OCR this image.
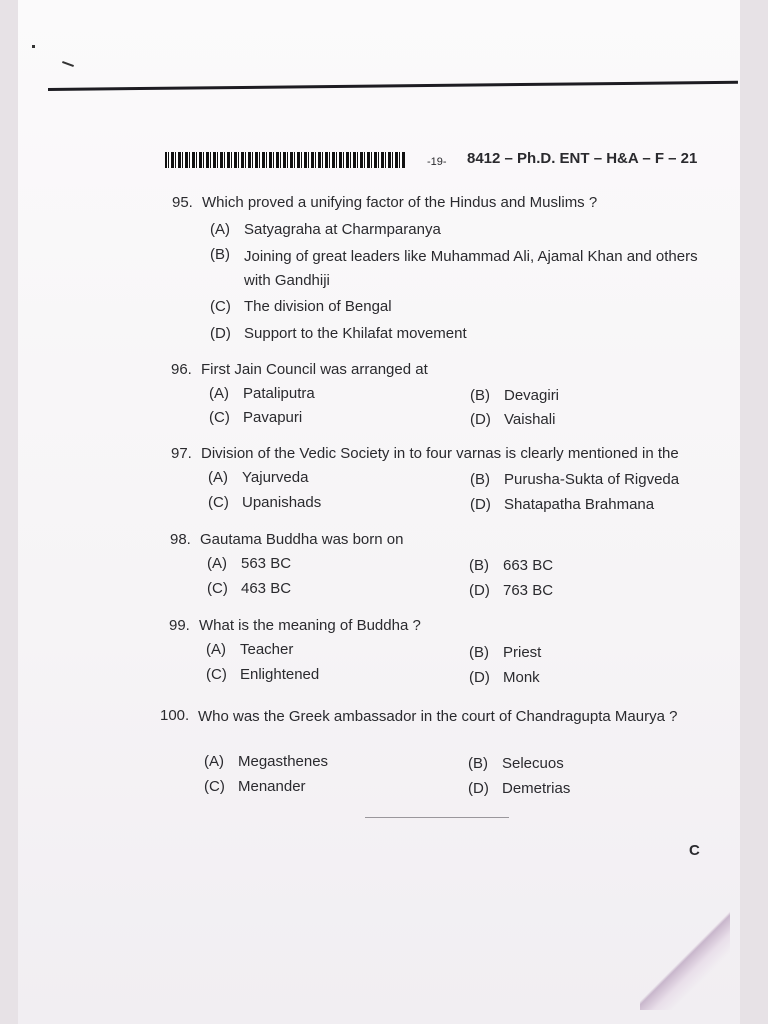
-19- 8412 – Ph.D. ENT – H&A – F – 21
95. Which proved a unifying factor of the Hindus and Muslims ?
(A) Satyagraha at Charmparanya
(B) Joining of great leaders like Muhammad Ali, Ajamal Khan and others with Gandhiji
(C) The division of Bengal
(D) Support to the Khilafat movement
96. First Jain Council was arranged at
(A) Pataliputra	(B) Devagiri
(C) Pavapuri	(D) Vaishali
97. Division of the Vedic Society in to four varnas is clearly mentioned in the
(A) Yajurveda	(B) Purusha-Sukta of Rigveda
(C) Upanishads	(D) Shatapatha Brahmana
98. Gautama Buddha was born on
(A) 563 BC	(B) 663 BC
(C) 463 BC	(D) 763 BC
99. What is the meaning of Buddha ?
(A) Teacher	(B) Priest
(C) Enlightened	(D) Monk
100. Who was the Greek ambassador in the court of Chandragupta Maurya ?
(A) Megasthenes	(B) Selecuos
(C) Menander	(D) Demetrias
C
